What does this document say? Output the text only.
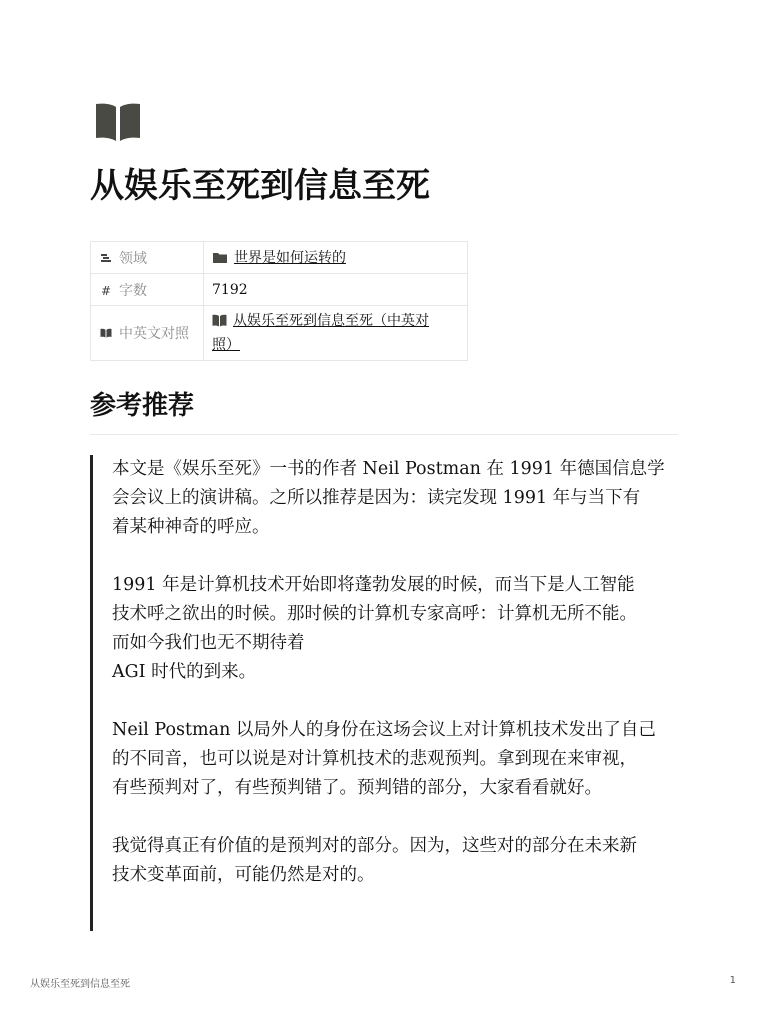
从娱乐至死到信息至死
领域	世界是如何运转的
# 字数	7192
中英文对照	从娱乐至死到信息至死（中英对
照）
参考推荐

本文是《娱乐至死》一书的作者 Neil Postman 在 1991 年德国信息学
会会议上的演讲稿。之所以推荐是因为：读完发现 1991 年与当下有
着某种神奇的呼应。

1991 年是计算机技术开始即将蓬勃发展的时候，而当下是人工智能
技术呼之欲出的时候。那时候的计算机专家高呼：计算机无所不能。
而如今我们也无不期待着
AGI 时代的到来。

Neil Postman 以局外人的身份在这场会议上对计算机技术发出了自己
的不同音，也可以说是对计算机技术的悲观预判。拿到现在来审视，
有些预判对了，有些预判错了。预判错的部分，大家看看就好。

我觉得真正有价值的是预判对的部分。因为，这些对的部分在未来新
技术变革面前，可能仍然是对的。

从娱乐至死到信息至死	1
